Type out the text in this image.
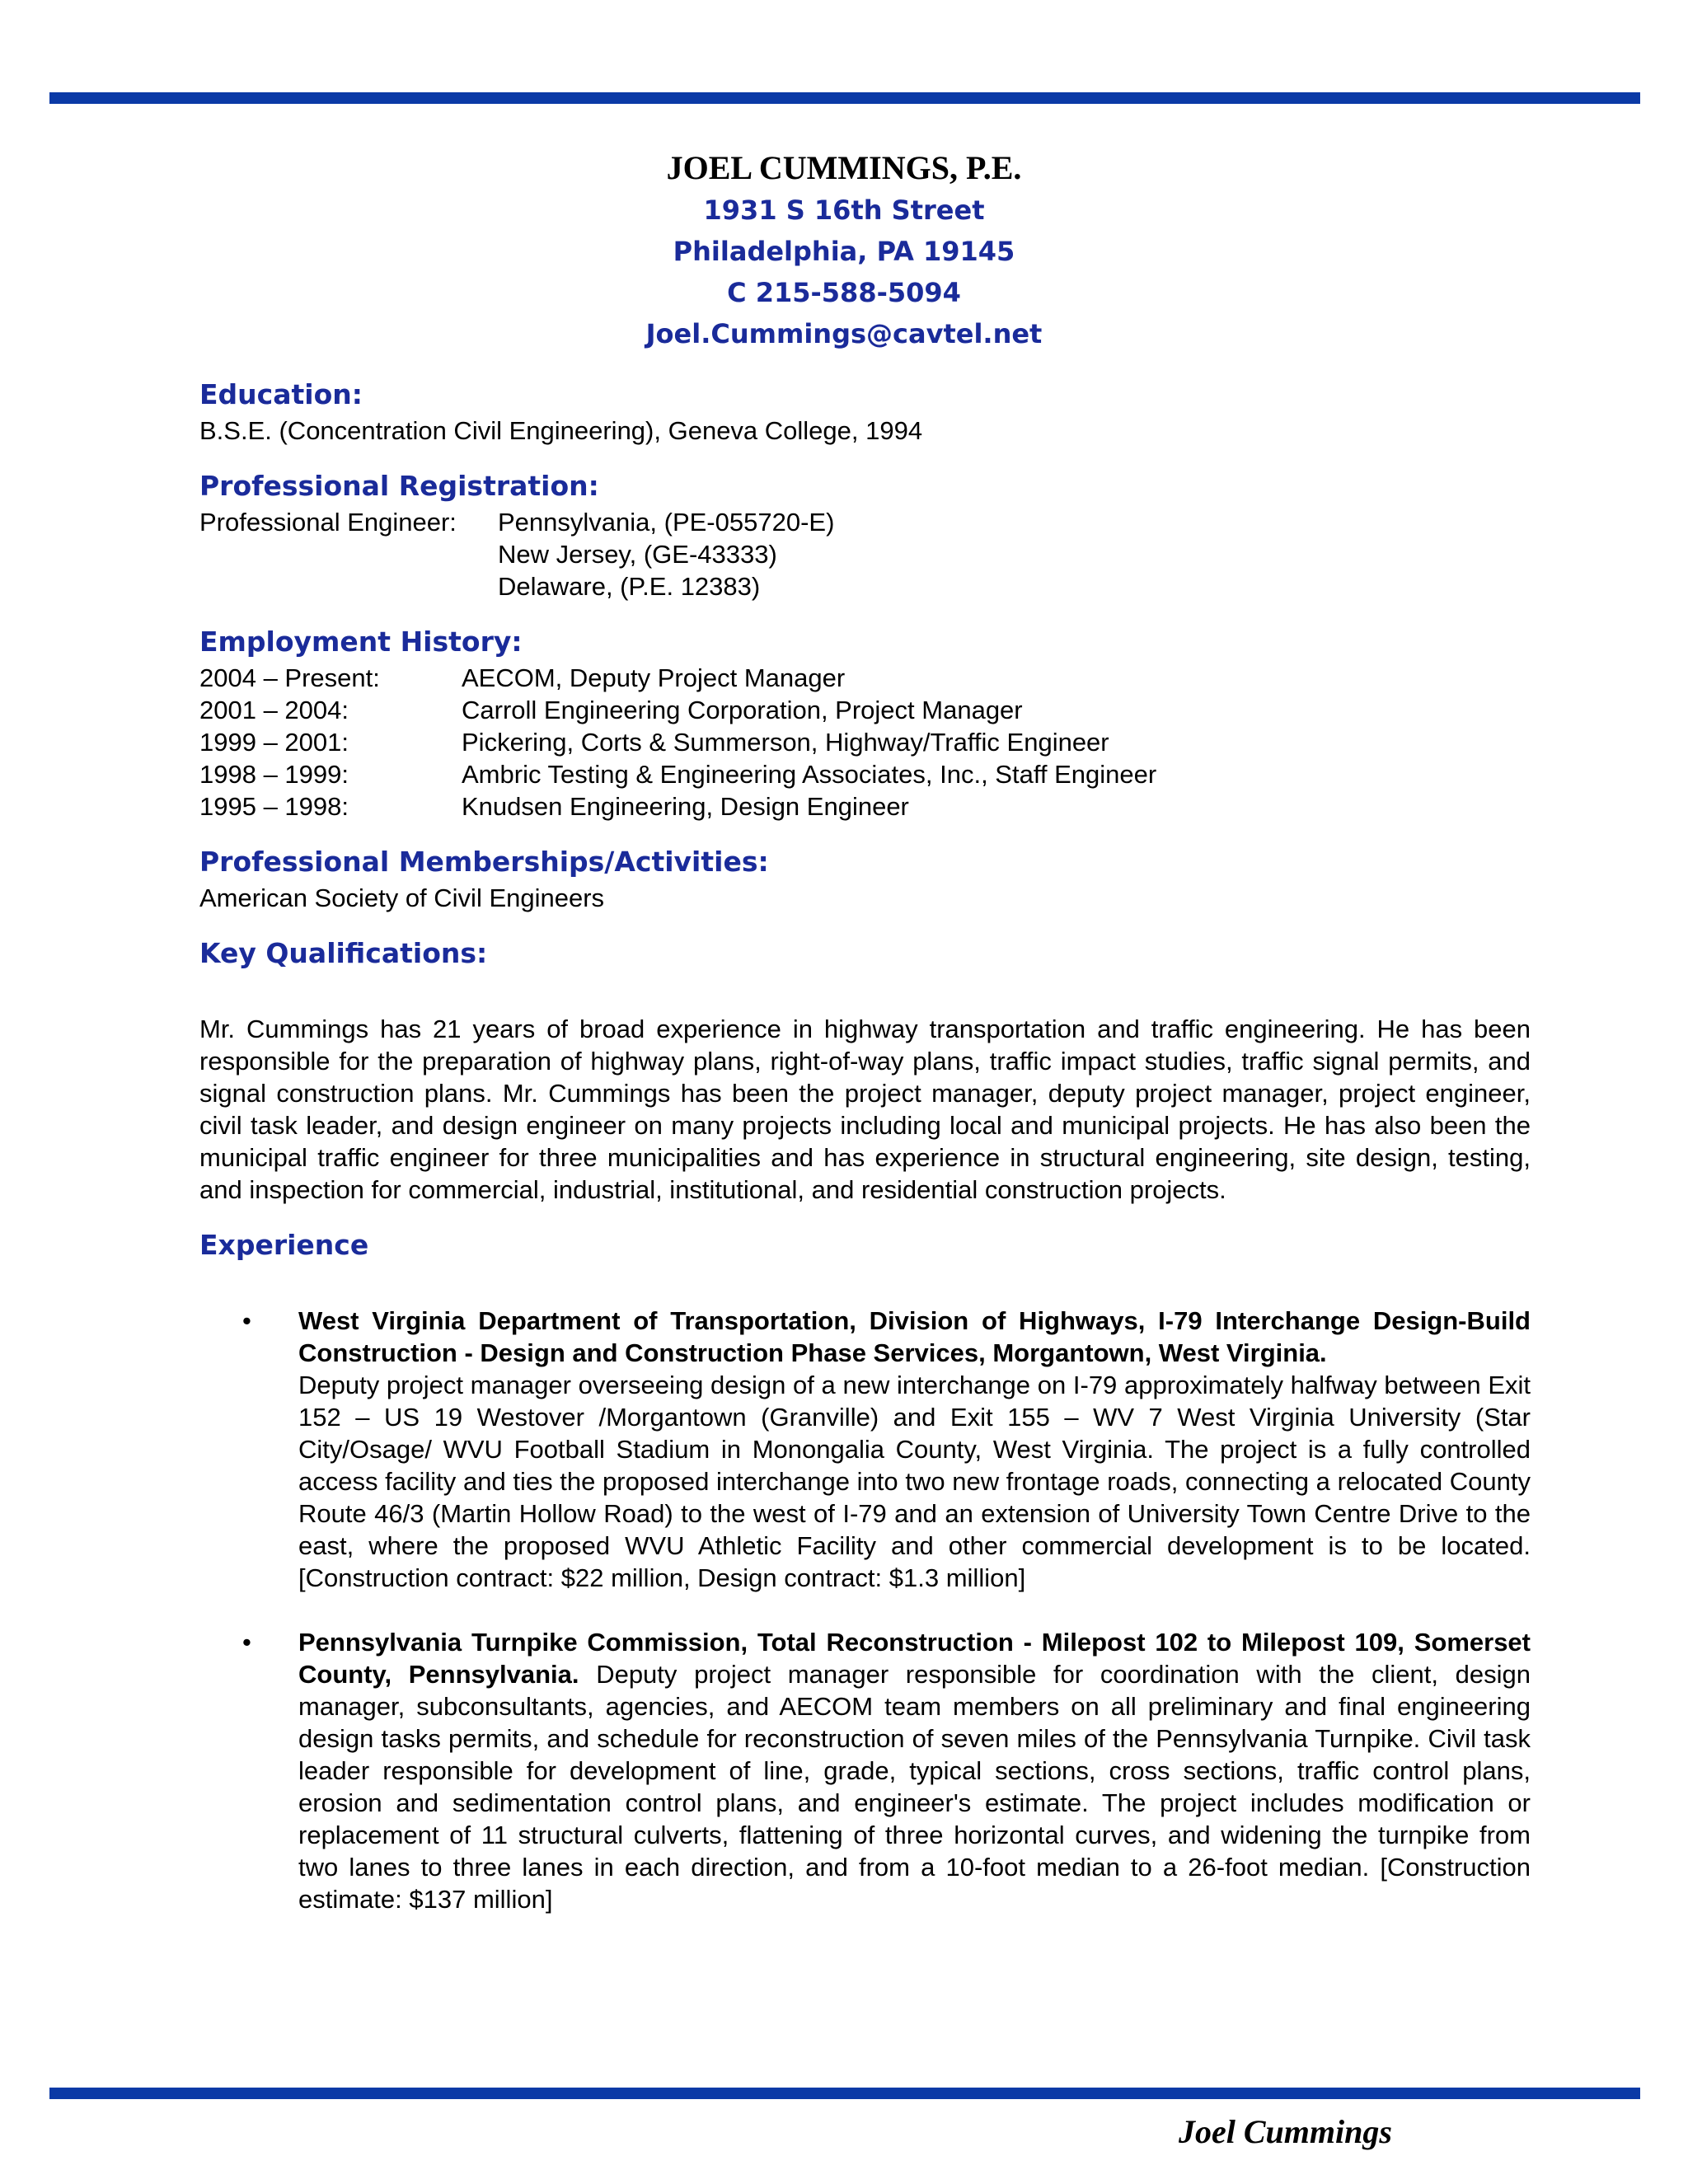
JOEL CUMMINGS, P.E.
1931 S 16th Street
Philadelphia, PA 19145
C 215-588-5094
Joel.Cummings@cavtel.net
Education:

B.S.E. (Concentration Civil Engineering), Geneva College, 1994

Professional Registration:
Professional Engineer:	Pennsylvania, (PE-055720-E)
	New Jersey, (GE-43333)
	Delaware, (P.E. 12383)
Employment History:
2004 – Present:	AECOM, Deputy Project Manager
2001 – 2004:	Carroll Engineering Corporation, Project Manager
1999 – 2001:	Pickering, Corts & Summerson, Highway/Traffic Engineer
1998 – 1999:	Ambric Testing & Engineering Associates, Inc., Staff Engineer
1995 – 1998:	Knudsen Engineering, Design Engineer
Professional Memberships/Activities:

American Society of Civil Engineers

Key Qualifications:

Mr. Cummings has 21 years of broad experience in highway transportation and traffic engineering. He has been responsible for the preparation of highway plans, right-of-way plans, traffic impact studies, traffic signal permits, and signal construction plans. Mr. Cummings has been the project manager, deputy project manager, project engineer, civil task leader, and design engineer on many projects including local and municipal projects. He has also been the municipal traffic engineer for three municipalities and has experience in structural engineering, site design, testing, and inspection for commercial, industrial, institutional, and residential construction projects.

Experience
• West Virginia Department of Transportation, Division of Highways, I-79 Interchange Design-Build Construction - Design and Construction Phase Services, Morgantown, West Virginia.
Deputy project manager overseeing design of a new interchange on I-79 approximately halfway between Exit 152 – US 19 Westover /Morgantown (Granville) and Exit 155 – WV 7 West Virginia University (Star City/Osage/ WVU Football Stadium in Monongalia County, West Virginia. The project is a fully controlled access facility and ties the proposed interchange into two new frontage roads, connecting a relocated County Route 46/3 (Martin Hollow Road) to the west of I-79 and an extension of University Town Centre Drive to the east, where the proposed WVU Athletic Facility and other commercial development is to be located. [Construction contract: $22 million, Design contract: $1.3 million]
• Pennsylvania Turnpike Commission, Total Reconstruction - Milepost 102 to Milepost 109, Somerset County, Pennsylvania. Deputy project manager responsible for coordination with the client, design manager, subconsultants, agencies, and AECOM team members on all preliminary and final engineering design tasks permits, and schedule for reconstruction of seven miles of the Pennsylvania Turnpike. Civil task leader responsible for development of line, grade, typical sections, cross sections, traffic control plans, erosion and sedimentation control plans, and engineer's estimate. The project includes modification or replacement of 11 structural culverts, flattening of three horizontal curves, and widening the turnpike from two lanes to three lanes in each direction, and from a 10-foot median to a 26-foot median. [Construction estimate: $137 million]
Joel Cummings
